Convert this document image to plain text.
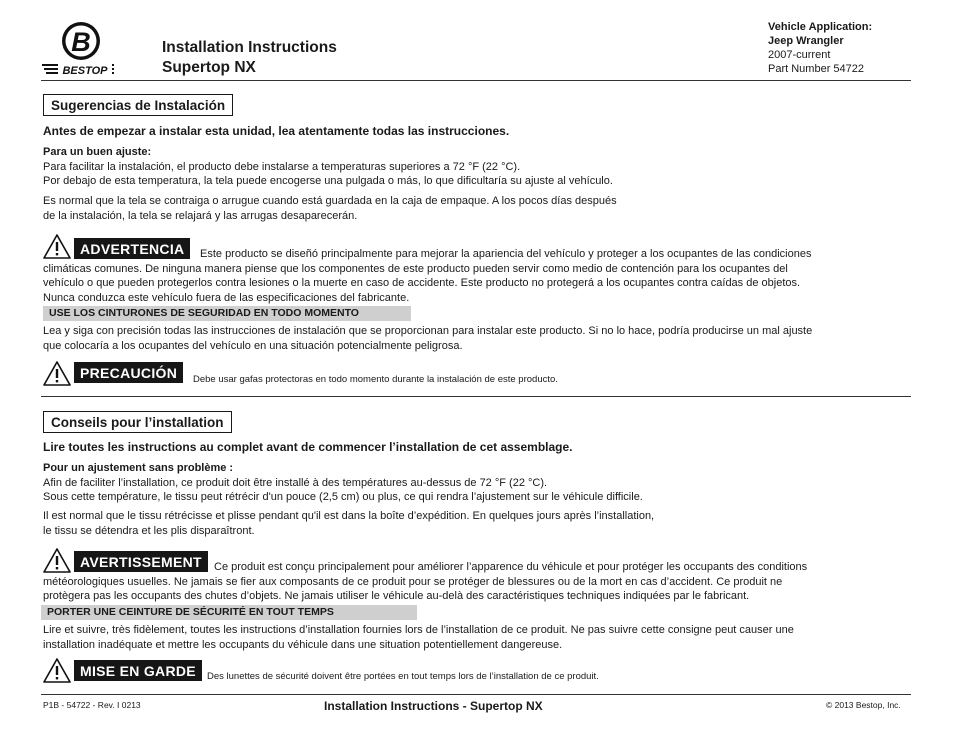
B
BESTOP
Installation Instructions
Supertop NX
Vehicle Application:
Jeep Wrangler
2007-current
Part Number 54722
Sugerencias de Instalación
Antes de empezar a instalar esta unidad, lea atentamente todas las instrucciones.
Para un buen ajuste:
Para facilitar la instalación, el producto debe instalarse a temperaturas superiores a 72 °F (22 °C).
Por debajo de esta temperatura, la tela puede encogerse una pulgada o más, lo que dificultaría su ajuste al vehículo.
Es normal que la tela se contraiga o arrugue cuando está guardada en la caja de empaque. A los pocos días después
de la instalación, la tela se relajará y las arrugas desaparecerán.
ADVERTENCIA	Este producto se diseñó principalmente para mejorar la apariencia del vehículo y proteger a los ocupantes de las condiciones
climáticas comunes. De ninguna manera piense que los componentes de este producto pueden servir como medio de contención para los ocupantes del
vehículo o que pueden protegerlos contra lesiones o la muerte en caso de accidente. Este producto no protegerá a los ocupantes contra caídas de objetos.
Nunca conduzca este vehículo fuera de las especificaciones del fabricante.
USE LOS CINTURONES DE SEGURIDAD EN TODO MOMENTO
Lea y siga con precisión todas las instrucciones de instalación que se proporcionan para instalar este producto. Si no lo hace, podría producirse un mal ajuste
que colocaría a los ocupantes del vehículo en una situación potencialmente peligrosa.
PRECAUCIÓN	Debe usar gafas protectoras en todo momento durante la instalación de este producto.
Conseils pour l’installation
Lire toutes les instructions au complet avant de commencer l’installation de cet assemblage.
Pour un ajustement sans problème :
Afin de faciliter l’installation, ce produit doit être installé à des températures au-dessus de 72 °F (22 °C).
Sous cette température, le tissu peut rétrécir d'un pouce (2,5 cm) ou plus, ce qui rendra l’ajustement sur le véhicule difficile.
Il est normal que le tissu rétrécisse et plisse pendant qu'il est dans la boîte d’expédition. En quelques jours après l’installation,
le tissu se détendra et les plis disparaîtront.
AVERTISSEMENT	Ce produit est conçu principalement pour améliorer l’apparence du véhicule et pour protéger les occupants des conditions
météorologiques usuelles. Ne jamais se fier aux composants de ce produit pour se protéger de blessures ou de la mort en cas d’accident. Ce produit ne
protègera pas les occupants des chutes d’objets. Ne jamais utiliser le véhicule au-delà des caractéristiques techniques indiquées par le fabricant.
PORTER UNE CEINTURE DE SÉCURITÉ EN TOUT TEMPS
Lire et suivre, très fidèlement, toutes les instructions d’installation fournies lors de l’installation de ce produit. Ne pas suivre cette consigne peut causer une
installation inadéquate et mettre les occupants du véhicule dans une situation potentiellement dangereuse.
MISE EN GARDE	Des lunettes de sécurité doivent être portées en tout temps lors de l’installation de ce produit.
P1B - 54722 - Rev. I 0213	Installation Instructions - Supertop NX	© 2013 Bestop, Inc.
